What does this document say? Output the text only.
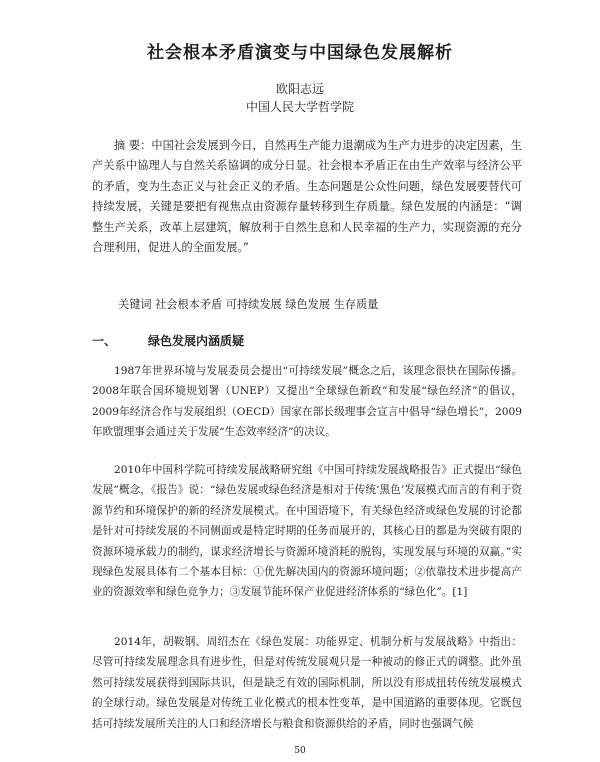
社会根本矛盾演变与中国绿色发展解析
欧阳志远
中国人民大学哲学院
摘 要：中国社会发展到今日，自然再生产能力退潮成为生产力进步的决定因素，生产关系中協理人与自然关系協调的成分日显。社会根本矛盾正在由生产效率与经济公平的矛盾，变为生态正义与社会正义的矛盾。生态问题是公众性问题，绿色发展要替代可持续发展，关键是要把有视焦点由资源存量转移到生存质量。绿色发展的内涵是：“调整生产关系，改革上层建筑，解放利于自然生息和人民幸福的生产力，实现资源的充分合理利用，促进人的全面发展。”
关键词 社会根本矛盾 可持续发展 绿色发展 生存质量
一、	绿色发展内涵质疑
1987年世界环境与发展委员会提出“可持续发展”概念之后，该理念很快在国际传播。2008年联合国环境规划署（UNEP）又提出“全球绿色新政”和发展“绿色经济”的倡议，2009年经济合作与发展组织（OECD）国家在部长级理事会宣言中倡导“绿色增长”，2009年欧盟理事会通过关于发展“生态效率经济”的决议。
2010年中国科学院可持续发展战略研究组《中国可持续发展战略报告》正式提出“绿色发展”概念，《报告》说：“绿色发展或绿色经济是相对于传统‘黑色’发展模式而言的有利于资源节约和环境保护的新的经济发展模式。在中国语境下，有关绿色经济或绿色发展的讨论都是针对可持续发展的不同侧面或是特定时期的任务而展开的，其核心目的都是为突破有限的资源环境承载力的制约，谋求经济增长与资源环境消耗的脱钩，实现发展与环境的双赢。”实现绿色发展具体有二个基本目标：①优先解决国内的资源环境问题；②依靠技术进步提高产业的资源效率和绿色竞争力；③发展节能环保产业促进经济体系的“绿色化”。[1]
2014年，胡鞍钢、周绍杰在《绿色发展：功能界定、机制分析与发展战略》中指出：尽管可持续发展理念具有进步性，但是对传统发展观只是一种被动的修正式的调整。此外虽然可持续发展获得到国际共识，但是缺乏有效的国际机制，所以没有形成扭转传统发展模式的全球行动。绿色发展是对传统工业化模式的根本性变革，是中国道路的重要体现。它既包括可持续发展所关注的人口和经济增长与粮食和资源供给的矛盾，同时也强调气候
50
